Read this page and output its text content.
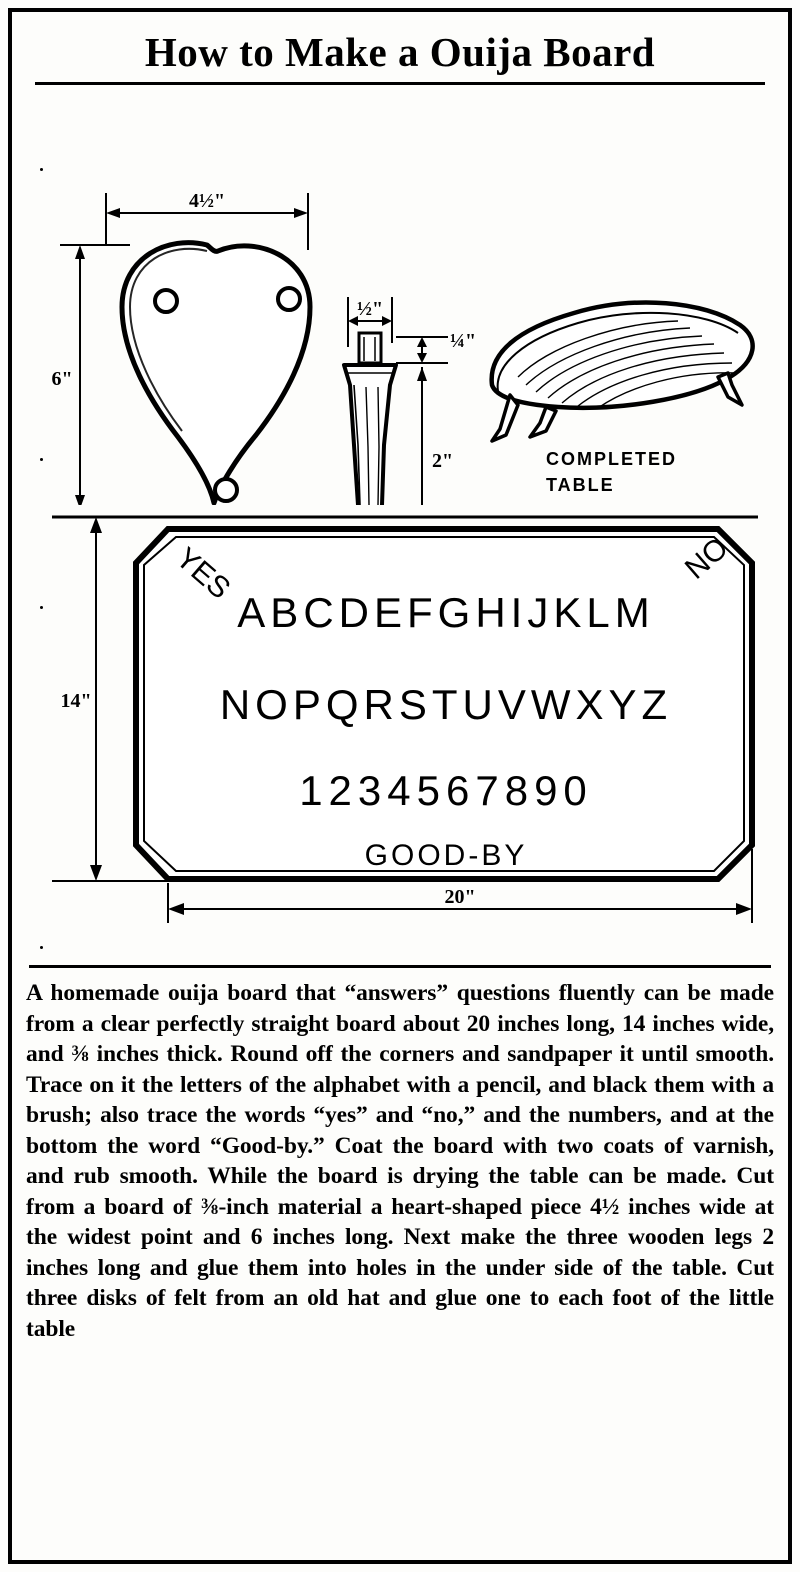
How to Make a Ouija Board
4½"
6"
½"
¼"
2"	COMPLETED
TABLE
14"
YES	NO
ABCDEFGHIJKLM
NOPQRSTUVWXYZ
1234567890
GOOD-BY
20"

A homemade ouija board that “answers” questions fluently can be made from a clear perfectly straight board about 20 inches long, 14 inches wide, and ⅜ inches thick. Round off the corners and sandpaper it until smooth. Trace on it the letters of the alphabet with a pencil, and black them with a brush; also trace the words “yes” and “no,” and the numbers, and at the bottom the word “Good-by.” Coat the board with two coats of varnish, and rub smooth. While the board is drying the table can be made. Cut from a board of ⅜-inch material a heart-shaped piece 4½ inches wide at the widest point and 6 inches long. Next make the three wooden legs 2 inches long and glue them into holes in the under side of the table. Cut three disks of felt from an old hat and glue one to each foot of the little table
